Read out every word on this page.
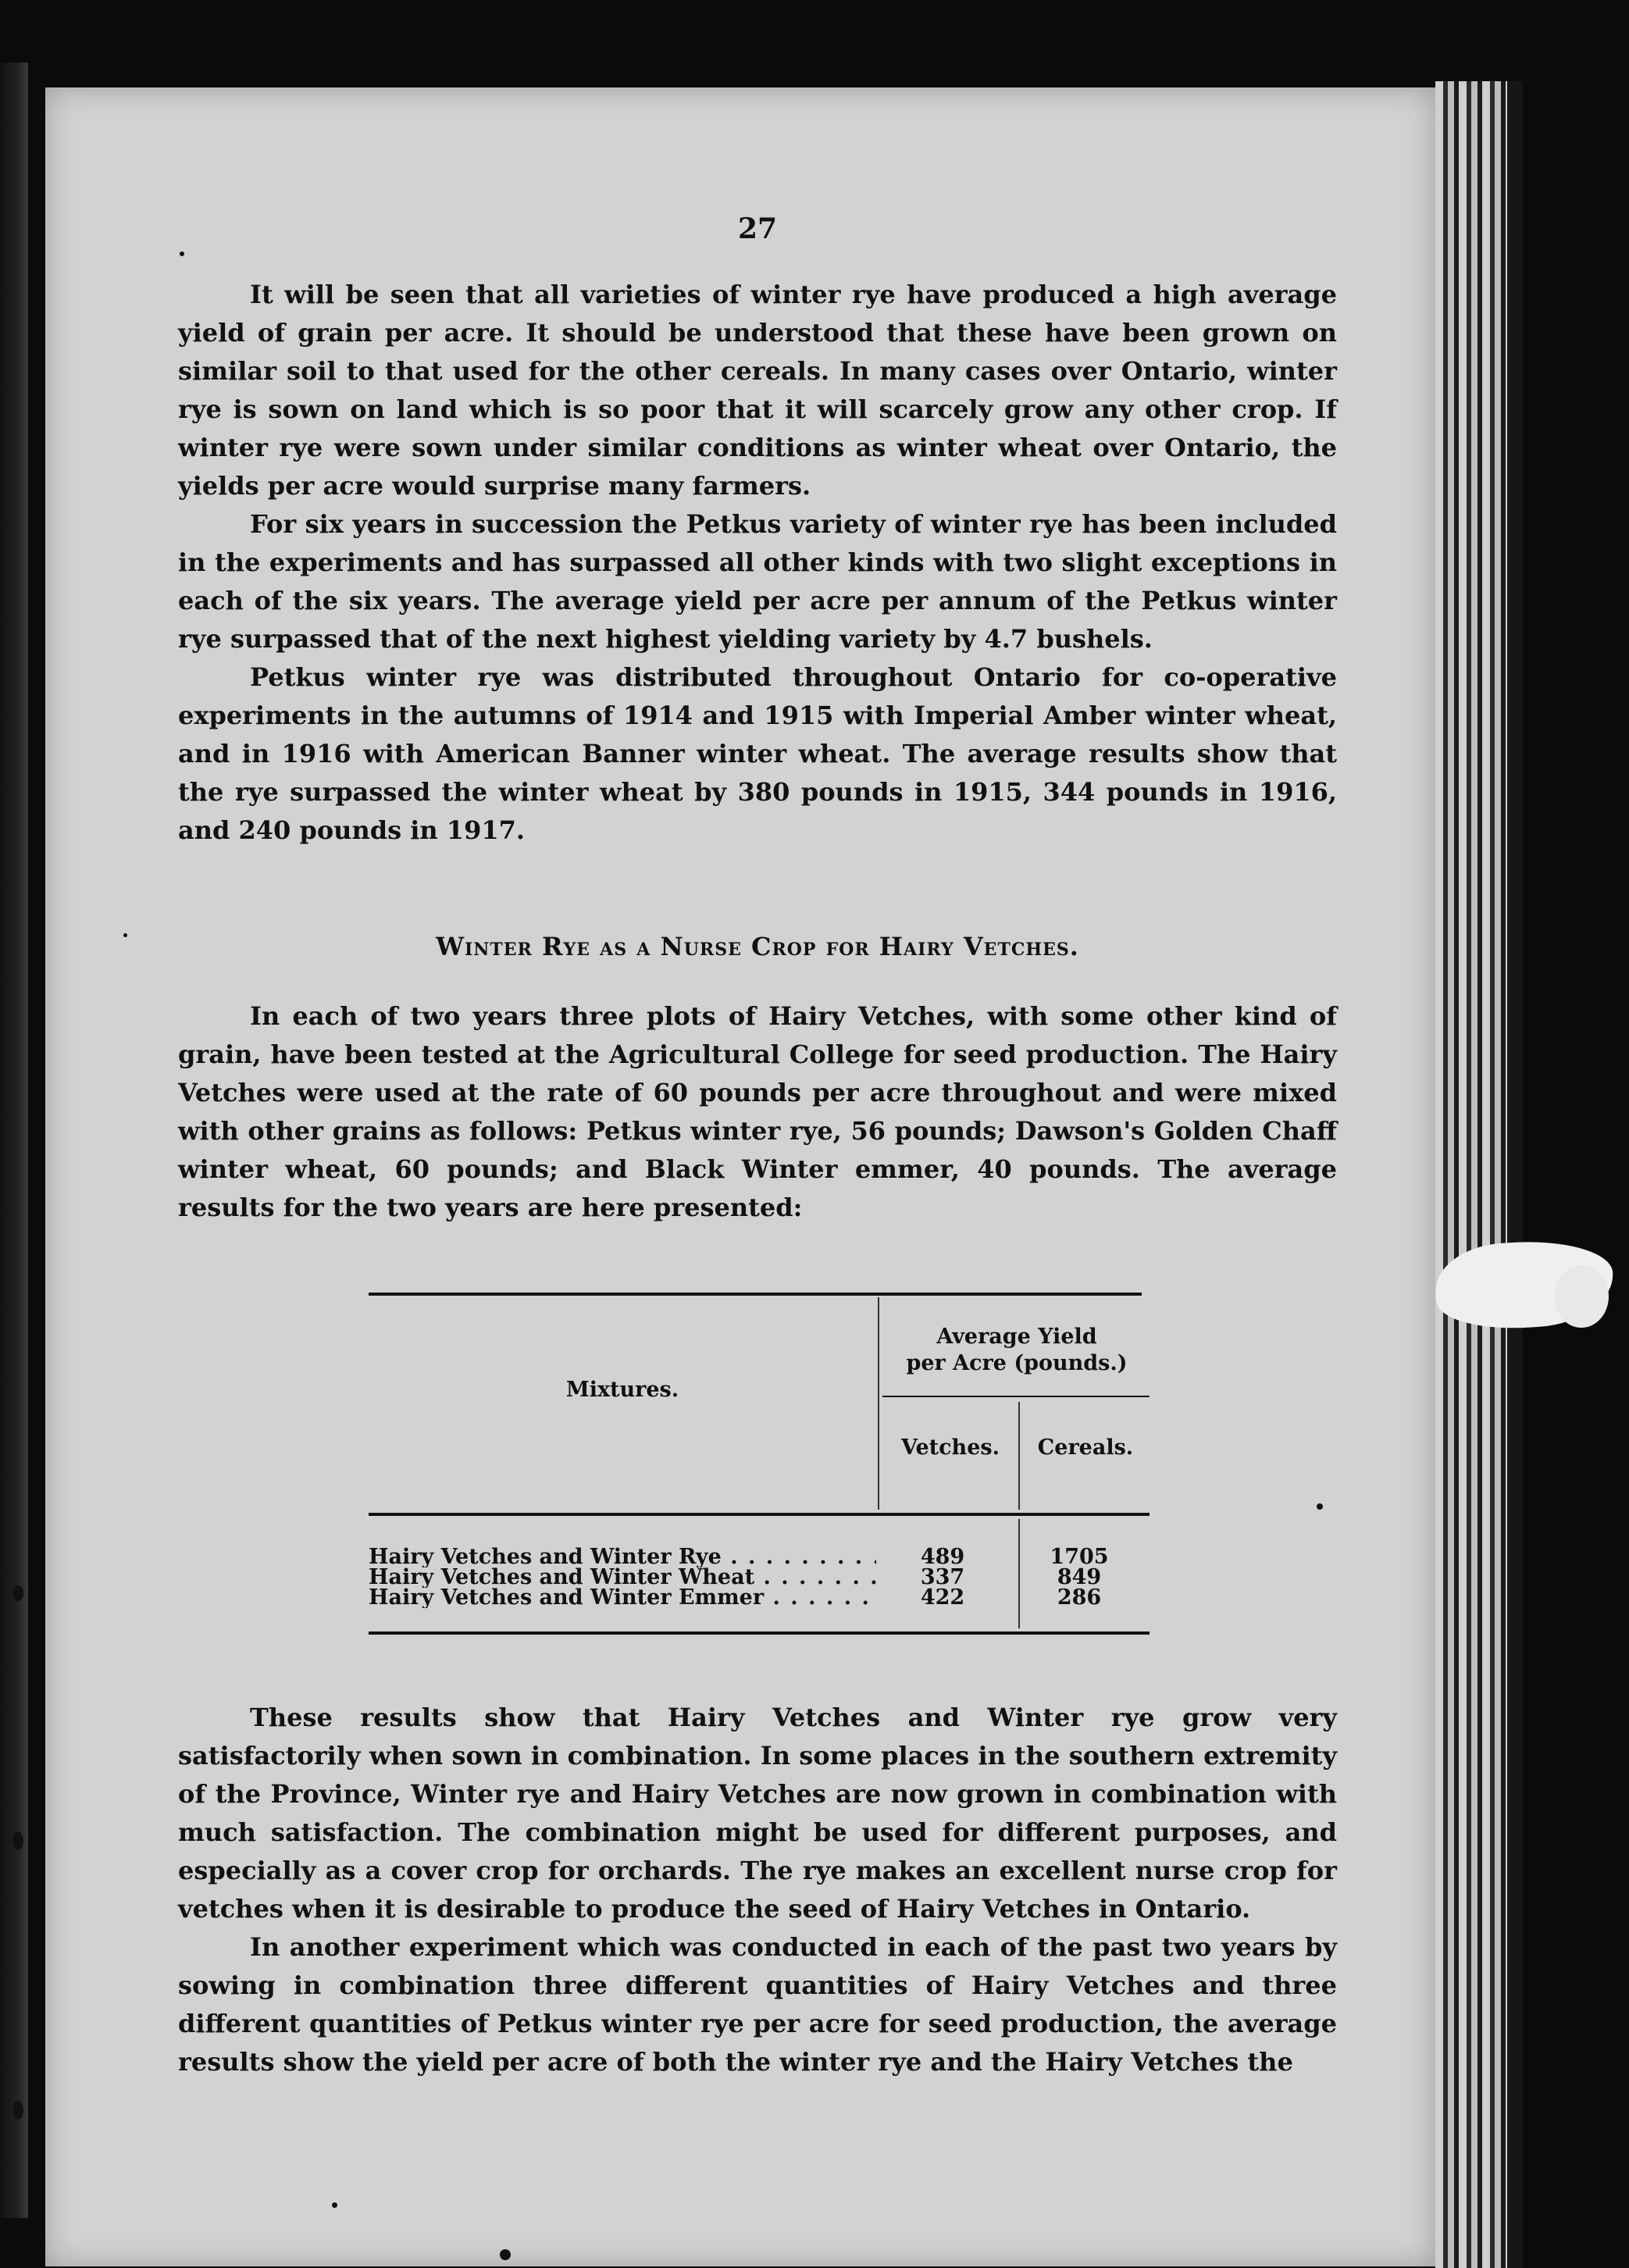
27

It will be seen that all varieties of winter rye have produced a high average yield of grain per acre. It should be understood that these have been grown on similar soil to that used for the other cereals. In many cases over Ontario, winter rye is sown on land which is so poor that it will scarcely grow any other crop. If winter rye were sown under similar conditions as winter wheat over Ontario, the yields per acre would surprise many farmers.

For six years in succession the Petkus variety of winter rye has been included in the experiments and has surpassed all other kinds with two slight exceptions in each of the six years. The average yield per acre per annum of the Petkus winter rye surpassed that of the next highest yielding variety by 4.7 bushels.

Petkus winter rye was distributed throughout Ontario for co-operative experiments in the autumns of 1914 and 1915 with Imperial Amber winter wheat, and in 1916 with American Banner winter wheat. The average results show that the rye surpassed the winter wheat by 380 pounds in 1915, 344 pounds in 1916, and 240 pounds in 1917.

Winter Rye as a Nurse Crop for Hairy Vetches.

In each of two years three plots of Hairy Vetches, with some other kind of grain, have been tested at the Agricultural College for seed production. The Hairy Vetches were used at the rate of 60 pounds per acre throughout and were mixed with other grains as follows: Petkus winter rye, 56 pounds; Dawson's Golden Chaff winter wheat, 60 pounds; and Black Winter emmer, 40 pounds. The average results for the two years are here presented:

Mixtures.
Average Yield
per Acre (pounds.)
Vetches.	Cereals.
Hairy Vetches and Winter Rye . . .	489	1705
Hairy Vetches and Winter Wheat . . .	337	849
Hairy Vetches and Winter Emmer . . .	422	286

These results show that Hairy Vetches and Winter rye grow very satisfactorily when sown in combination. In some places in the southern extremity of the Province, Winter rye and Hairy Vetches are now grown in combination with much satisfaction. The combination might be used for different purposes, and especially as a cover crop for orchards. The rye makes an excellent nurse crop for vetches when it is desirable to produce the seed of Hairy Vetches in Ontario.

In another experiment which was conducted in each of the past two years by sowing in combination three different quantities of Hairy Vetches and three different quantities of Petkus winter rye per acre for seed production, the average results show the yield per acre of both the winter rye and the Hairy Vetches the
